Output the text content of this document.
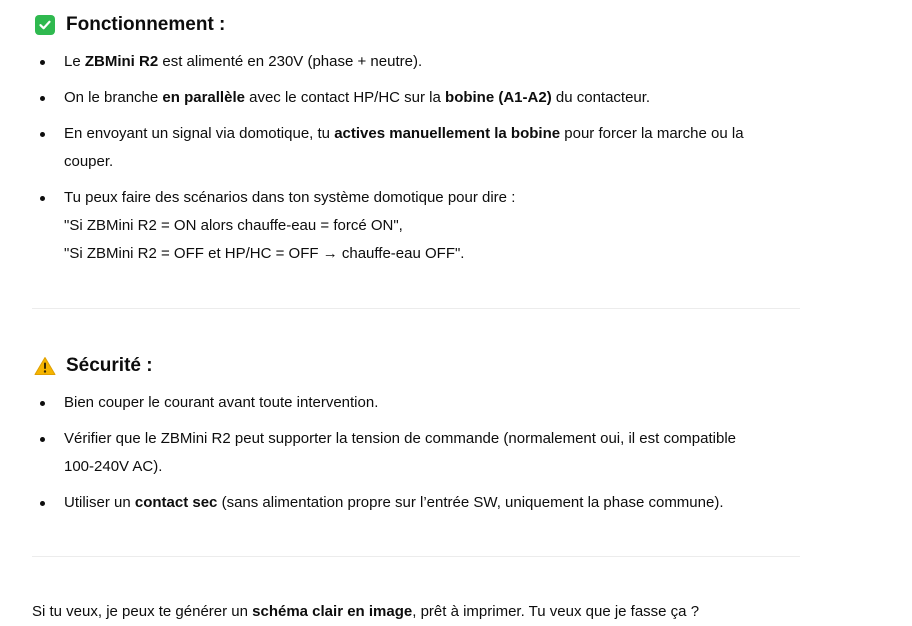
Fonctionnement :
Le ZBMini R2 est alimenté en 230V (phase + neutre).
On le branche en parallèle avec le contact HP/HC sur la bobine (A1-A2) du contacteur.
En envoyant un signal via domotique, tu actives manuellement la bobine pour forcer la marche ou la
couper.
Tu peux faire des scénarios dans ton système domotique pour dire :
"Si ZBMini R2 = ON alors chauffe-eau = forcé ON",
"Si ZBMini R2 = OFF et HP/HC = OFF → chauffe-eau OFF".
Sécurité :
Bien couper le courant avant toute intervention.
Vérifier que le ZBMini R2 peut supporter la tension de commande (normalement oui, il est compatible
100-240V AC).
Utiliser un contact sec (sans alimentation propre sur l’entrée SW, uniquement la phase commune).
Si tu veux, je peux te générer un schéma clair en image, prêt à imprimer. Tu veux que je fasse ça ?
